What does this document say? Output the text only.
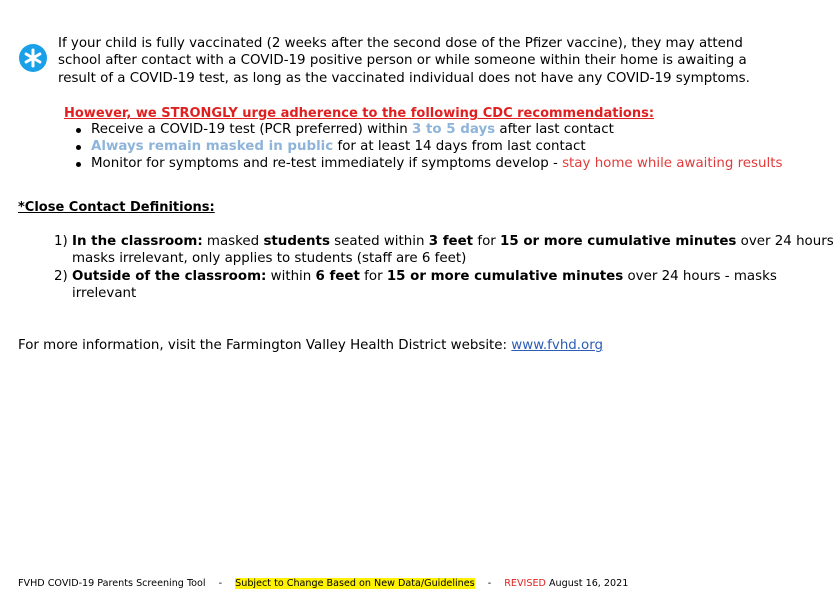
If your child is fully vaccinated (2 weeks after the second dose of the Pfizer vaccine), they may attend
school after contact with a COVID-19 positive person or while someone within their home is awaiting a
result of a COVID-19 test, as long as the vaccinated individual does not have any COVID-19 symptoms.
However, we STRONGLY urge adherence to the following CDC recommendations:
Receive a COVID-19 test (PCR preferred) within 3 to 5 days after last contact
Always remain masked in public for at least 14 days from last contact
Monitor for symptoms and re-test immediately if symptoms develop - stay home while awaiting results
*Close Contact Definitions:
1) In the classroom: masked students seated within 3 feet for 15 or more cumulative minutes over 24 hours
masks irrelevant, only applies to students (staff are 6 feet)
2) Outside of the classroom: within 6 feet for 15 or more cumulative minutes over 24 hours - masks
irrelevant
For more information, visit the Farmington Valley Health District website: www.fvhd.org
FVHD COVID-19 Parents Screening Tool - Subject to Change Based on New Data/Guidelines - REVISED August 16, 2021
